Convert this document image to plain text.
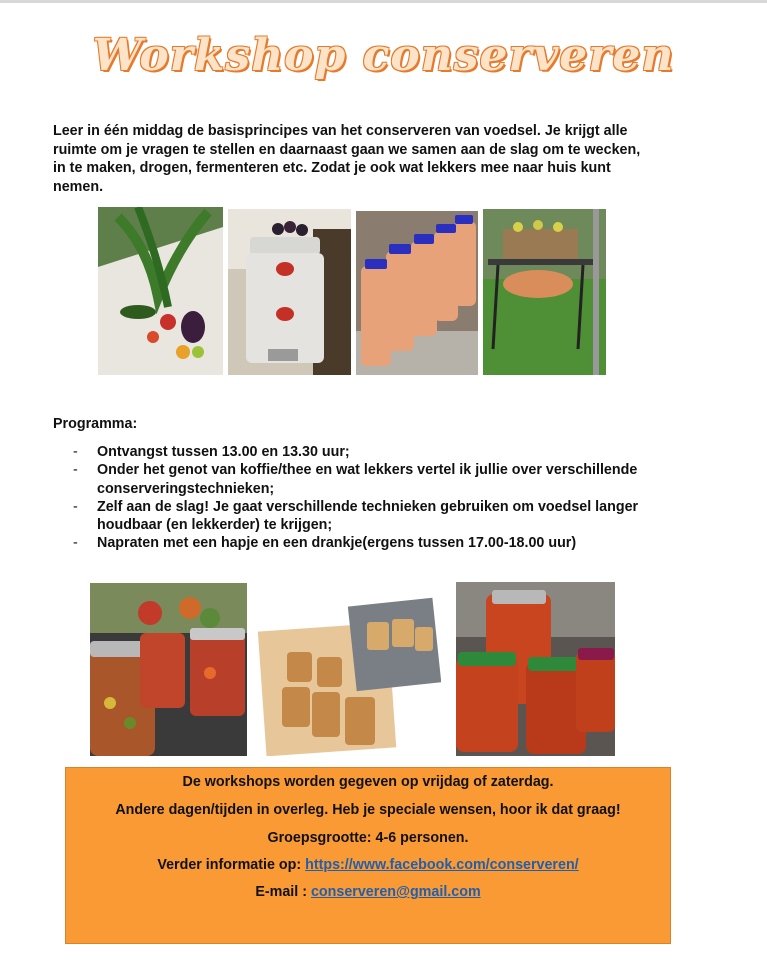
Workshop conserveren
Leer in één middag de basisprincipes van het conserveren van voedsel. Je krijgt alle ruimte om je vragen te stellen en daarnaast gaan we samen aan de slag om te wecken, in te maken, drogen, fermenteren etc. Zodat je ook wat lekkers mee naar huis kunt nemen.
Programma:
- Ontvangst tussen 13.00 en 13.30 uur;
- Onder het genot van koffie/thee en wat lekkers vertel ik jullie over verschillende conserveringstechnieken;
- Zelf aan de slag! Je gaat verschillende technieken gebruiken om voedsel langer houdbaar (en lekkerder) te krijgen;
- Napraten met een hapje en een drankje(ergens tussen 17.00-18.00 uur)

De workshops worden gegeven op vrijdag of zaterdag.

Andere dagen/tijden in overleg. Heb je speciale wensen, hoor ik dat graag!

Groepsgrootte: 4-6 personen.

Verder informatie op: https://www.facebook.com/conserveren/

E-mail : conserveren@gmail.com
